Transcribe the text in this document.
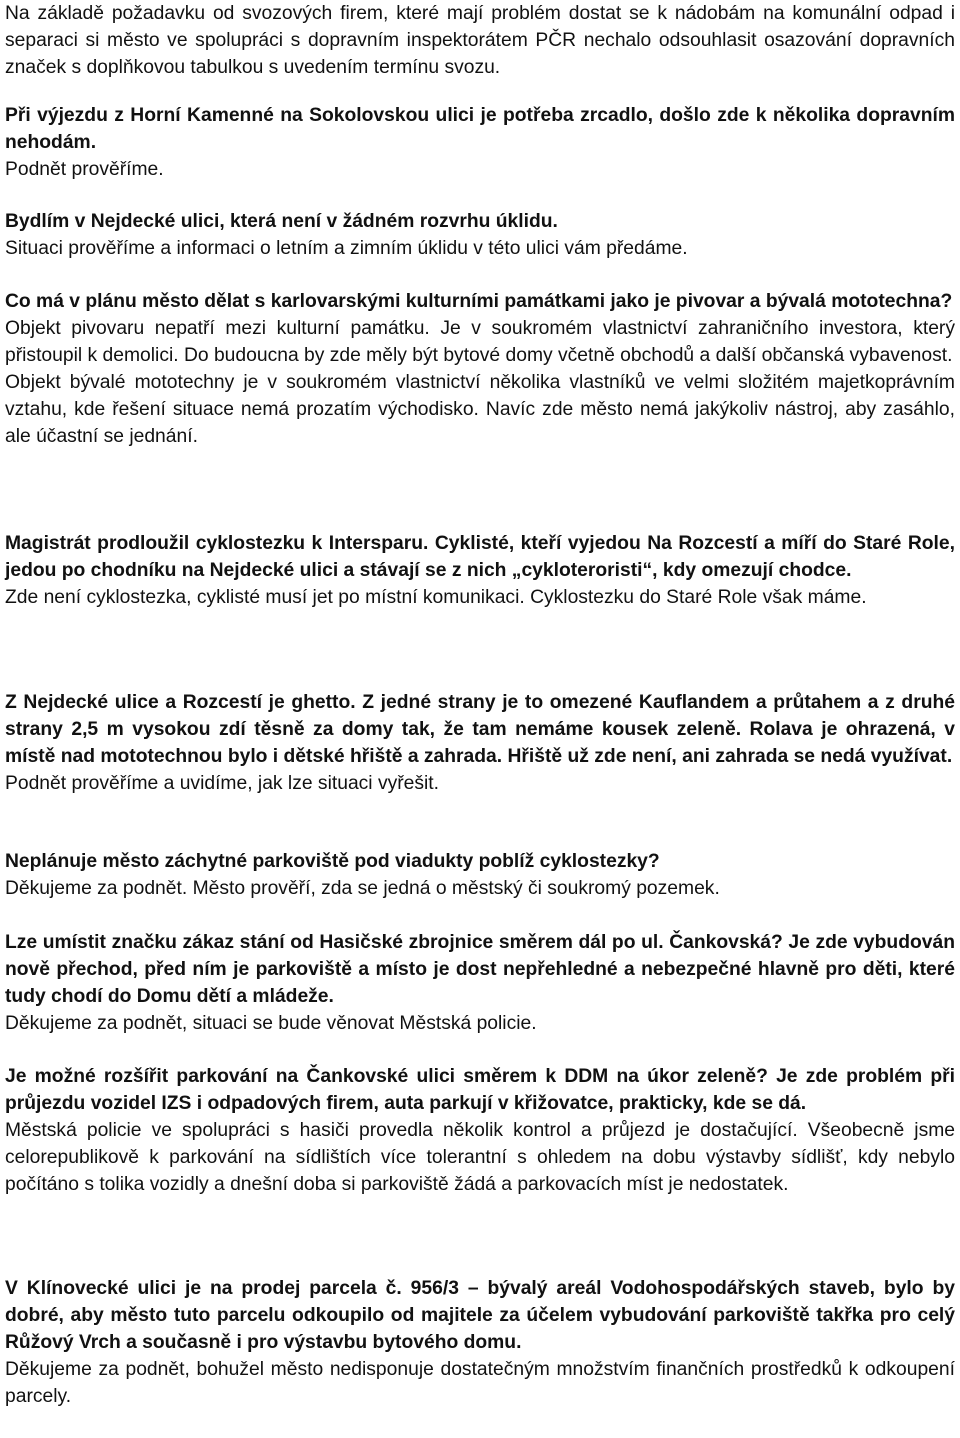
Na základě požadavku od svozových firem, které mají problém dostat se k nádobám na komunální odpad i separaci si město ve spolupráci s dopravním inspektorátem PČR nechalo odsouhlasit osazování dopravních značek s doplňkovou tabulkou s uvedením termínu svozu.

Při výjezdu z Horní Kamenné na Sokolovskou ulici je potřeba zrcadlo, došlo zde k několika dopravním nehodám.

Podnět prověříme.

Bydlím v Nejdecké ulici, která není v žádném rozvrhu úklidu.

Situaci prověříme a informaci o letním a zimním úklidu v této ulici vám předáme.

Co má v plánu město dělat s karlovarskými kulturními památkami jako je pivovar a bývalá mototechna?

Objekt pivovaru nepatří mezi kulturní památku. Je v soukromém vlastnictví zahraničního investora, který přistoupil k demolici. Do budoucna by zde měly být bytové domy včetně obchodů a další občanská vybavenost.

Objekt bývalé mototechny je v soukromém vlastnictví několika vlastníků ve velmi složitém majetkoprávním vztahu, kde řešení situace nemá prozatím východisko. Navíc zde město nemá jakýkoliv nástroj, aby zasáhlo, ale účastní se jednání.

Magistrát prodloužil cyklostezku k Intersparu. Cyklisté, kteří vyjedou Na Rozcestí a míří do Staré Role, jedou po chodníku na Nejdecké ulici a stávají se z nich „cykloteroristi“, kdy omezují chodce.

Zde není cyklostezka, cyklisté musí jet po místní komunikaci. Cyklostezku do Staré Role však máme.

Z Nejdecké ulice a Rozcestí je ghetto. Z jedné strany je to omezené Kauflandem a průtahem a z druhé strany 2,5 m vysokou zdí těsně za domy tak, že tam nemáme kousek zeleně. Rolava je ohrazená, v místě nad mototechnou bylo i dětské hřiště a zahrada. Hřiště už zde není, ani zahrada se nedá využívat.

Podnět prověříme a uvidíme, jak lze situaci vyřešit.

Neplánuje město záchytné parkoviště pod viadukty poblíž cyklostezky?

Děkujeme za podnět. Město prověří, zda se jedná o městský či soukromý pozemek.

Lze umístit značku zákaz stání od Hasičské zbrojnice směrem dál po ul. Čankovská? Je zde vybudován nově přechod, před ním je parkoviště a místo je dost nepřehledné a nebezpečné hlavně pro děti, které tudy chodí do Domu dětí a mládeže.

Děkujeme za podnět, situaci se bude věnovat Městská policie.

Je možné rozšířit parkování na Čankovské ulici směrem k DDM na úkor zeleně? Je zde problém při průjezdu vozidel IZS i odpadových firem, auta parkují v křižovatce, prakticky, kde se dá.

Městská policie ve spolupráci s hasiči provedla několik kontrol a průjezd je dostačující. Všeobecně jsme celorepublikově k parkování na sídlištích více tolerantní s ohledem na dobu výstavby sídlišť, kdy nebylo počítáno s tolika vozidly a dnešní doba si parkoviště žádá a parkovacích míst je nedostatek.

V Klínovecké ulici je na prodej parcela č. 956/3 – bývalý areál Vodohospodářských staveb, bylo by dobré, aby město tuto parcelu odkoupilo od majitele za účelem vybudování parkoviště takřka pro celý Růžový Vrch a současně i pro výstavbu bytového domu.

Děkujeme za podnět, bohužel město nedisponuje dostatečným množstvím finančních prostředků k odkoupení parcely.
